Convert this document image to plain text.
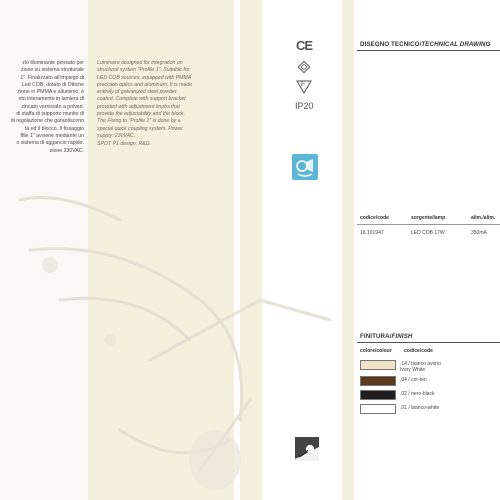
zio illuminante pensato per
zione su sistema strutturale
1". Finalizzato all'impiego di
Led COB, dotato di Ottiche
zione in PMMA e alluminio, è
nto interamente in lamiera di
zincato verniciato a polveri.
di staffa di supporto munito di
di regolazione che garantiscono
tà ed il blocco. Il fissaggio
ffile 1" avviene mediante un
o sistema di aggancio rapido.
zione 230VAC.
Luminaire designed for integration on
structural system "Profile 1". Suitable for
LED COB sources, equipped with PMMA
precision optics and aluminum. It is made
entirely of galvanized steel powder
coated. Complete with support bracket
provided with adjustment knobs that
provide the adjustability and the block.
The Fixing to "Profile 1" is done by a
special quick coupling system. Power
supply: 230VAC.
SPOT P1 design: R&D.
CE
F
IP20
DISEGNO TECNICO/TECHNICAL DRAWING
codice/code	sorgente/lamp	alim./alim.
16.101947	LED COB 17W	350mA
FINITURA/FINISH
colore/colour codice/code
.14 / bianco avorio
Ivory White
.04 / cor-ten
.02 / nero-black
.01 / bianco-white
